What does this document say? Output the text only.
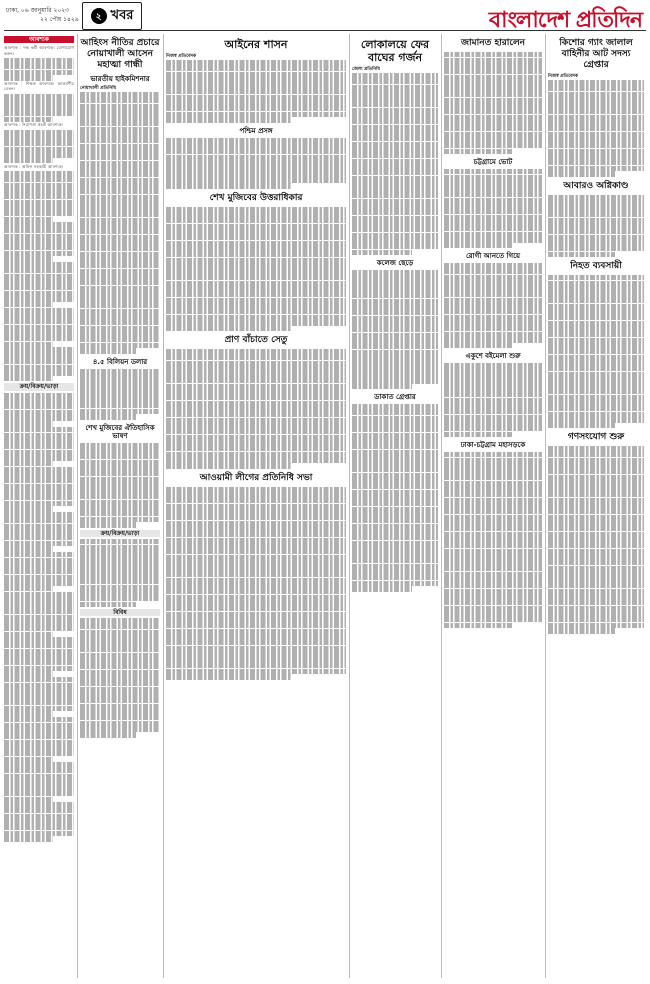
ঢাকা, ০৬ জানুয়ারি ২০২৩
২২ পৌষ ১৪২৯	২ খবর	বাংলাদেশ প্রতিদিন
আবশ্যক

আবশ্যক : দক্ষ কর্মী আবশ্যক। যোগাযোগ করুন।

আবশ্যক : শিক্ষক আবশ্যক। আকর্ষণীয় বেতন।

আবশ্যক : নিরাপত্তা প্রহরী আবশ্যক।

আবশ্যক : অফিস সহকারী আবশ্যক।

ক্রয়/বিক্রয়/ভাড়া
আহিংস নীতির প্রচারে নোয়াখালী আসেন মহাত্মা গান্ধী
ভারতীয় হাইকমিশনার
নোয়াখালী প্রতিনিধি
৪.৫ বিলিয়ন ডলার
শেখ মুজিবের ঐতিহাসিক ভাষণ
ক্রয়/বিক্রয়/ভাড়া
বিবিধ
আইনের শাসন
নিজস্ব প্রতিবেদক
পশ্চিম প্রসঙ্গ
শেখ মুজিবের উত্তরাধিকার
প্রাণ বাঁচাতে সেতু
আওয়ামী লীগের প্রতিনিধি সভা
লোকালয়ে ফের বাঘের গর্জন
জেলা প্রতিনিধি
কলেজ ছেড়ে
ডাকাত গ্রেপ্তার
জামানত হারালেন
চট্টগ্রামে ভোট
রোগী আনতে গিয়ে
একুশে বইমেলা শুরু
ঢাকা-চট্টগ্রাম মহাসড়কে
কিশোর গ্যাং জালাল বাহিনীর আট সদস্য গ্রেপ্তার
নিজস্ব প্রতিবেদক
আবারও অগ্নিকাণ্ড
নিহত ব্যবসায়ী
গণসংযোগ শুরু
